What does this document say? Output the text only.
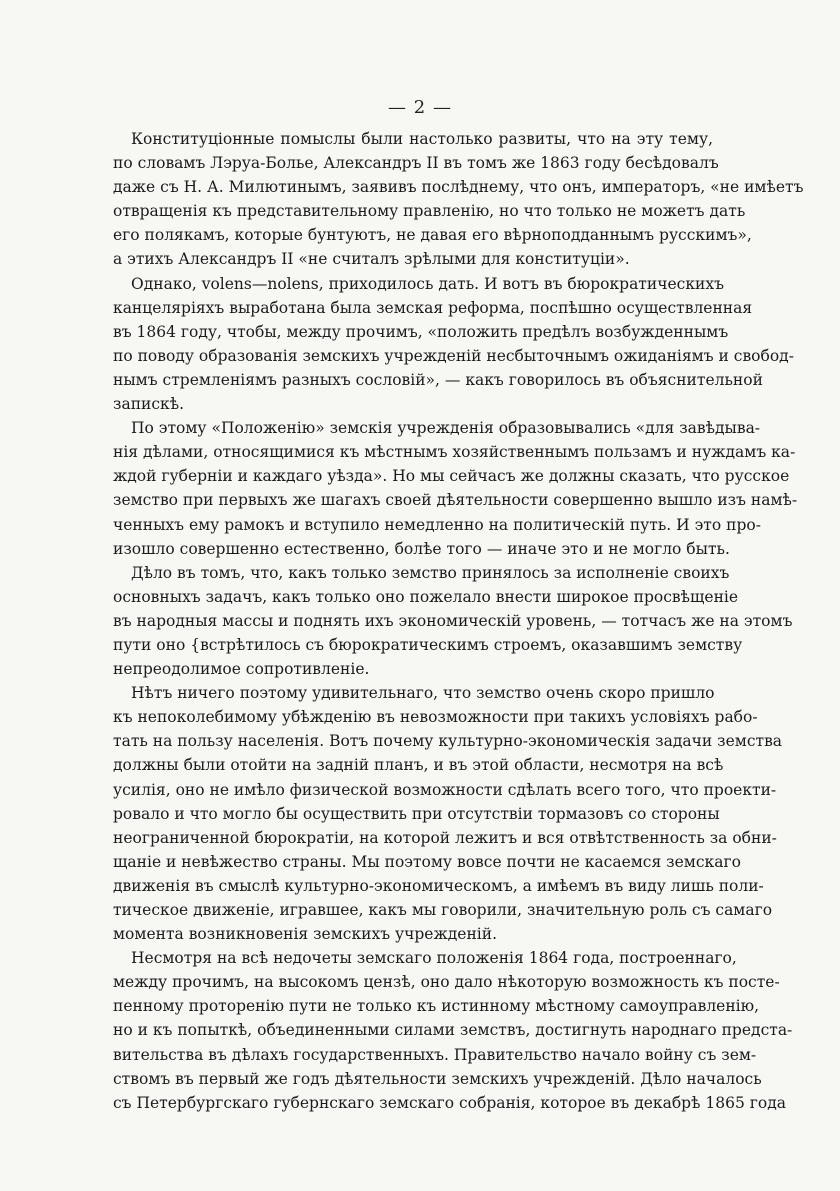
— 2 —
Конституціонные помыслы были настолько развиты, что на эту тему,
по словамъ Лэруа-Болье, Александръ II въ томъ же 1863 году бесѣдовалъ
даже съ Н. А. Милютинымъ, заявивъ послѣднему, что онъ, императоръ, «не имѣетъ
отвращенія къ представительному правленію, но что только не можетъ дать
его полякамъ, которые бунтуютъ, не давая его вѣрноподданнымъ русскимъ»,
а этихъ Александръ II «не считалъ зрѣлыми для конституціи».
Однако, volens—nolens, приходилось дать. И вотъ въ бюрократическихъ
канцеляріяхъ выработана была земская реформа, поспѣшно осуществленная
въ 1864 году, чтобы, между прочимъ, «положить предѣлъ возбужденнымъ
по поводу образованія земскихъ учрежденій несбыточнымъ ожиданіямъ и свобод-
нымъ стремленіямъ разныхъ сословій», — какъ говорилось въ объяснительной
запискѣ.
По этому «Положенію» земскія учрежденія образовывались «для завѣдыва-
нія дѣлами, относящимися къ мѣстнымъ хозяйственнымъ пользамъ и нуждамъ ка-
ждой губерніи и каждаго уѣзда». Но мы сейчасъ же должны сказать, что русское
земство при первыхъ же шагахъ своей дѣятельности совершенно вышло изъ намѣ-
ченныхъ ему рамокъ и вступило немедленно на политическій путь. И это про-
изошло совершенно естественно, болѣе того — иначе это и не могло быть.
Дѣло въ томъ, что, какъ только земство принялось за исполненіе своихъ
основныхъ задачъ, какъ только оно пожелало внести широкое просвѣщеніе
въ народныя массы и поднять ихъ экономическій уровень, — тотчасъ же на этомъ
пути оно {встрѣтилось съ бюрократическимъ строемъ, оказавшимъ земству
непреодолимое сопротивленіе.
Нѣтъ ничего поэтому удивительнаго, что земство очень скоро пришло
къ непоколебимому убѣжденію въ невозможности при такихъ условіяхъ рабо-
тать на пользу населенія. Вотъ почему культурно-экономическія задачи земства
должны были отойти на задній планъ, и въ этой области, несмотря на всѣ
усилія, оно не имѣло физической возможности сдѣлать всего того, что проекти-
ровало и что могло бы осуществить при отсутствіи тормазовъ со стороны
неограниченной бюрократіи, на которой лежитъ и вся отвѣтственность за обни-
щаніе и невѣжество страны. Мы поэтому вовсе почти не касаемся земскаго
движенія въ смыслѣ культурно-экономическомъ, а имѣемъ въ виду лишь поли-
тическое движеніе, игравшее, какъ мы говорили, значительную роль съ самаго
момента возникновенія земскихъ учрежденій.
Несмотря на всѣ недочеты земскаго положенія 1864 года, построеннаго,
между прочимъ, на высокомъ цензѣ, оно дало нѣкоторую возможность къ посте-
пенному проторенію пути не только къ истинному мѣстному самоуправленію,
но и къ попыткѣ, объединенными силами земствъ, достигнуть народнаго предста-
вительства въ дѣлахъ государственныхъ. Правительство начало войну съ зем-
ствомъ въ первый же годъ дѣятельности земскихъ учрежденій. Дѣло началось
съ Петербургскаго губернскаго земскаго собранія, которое въ декабрѣ 1865 года
